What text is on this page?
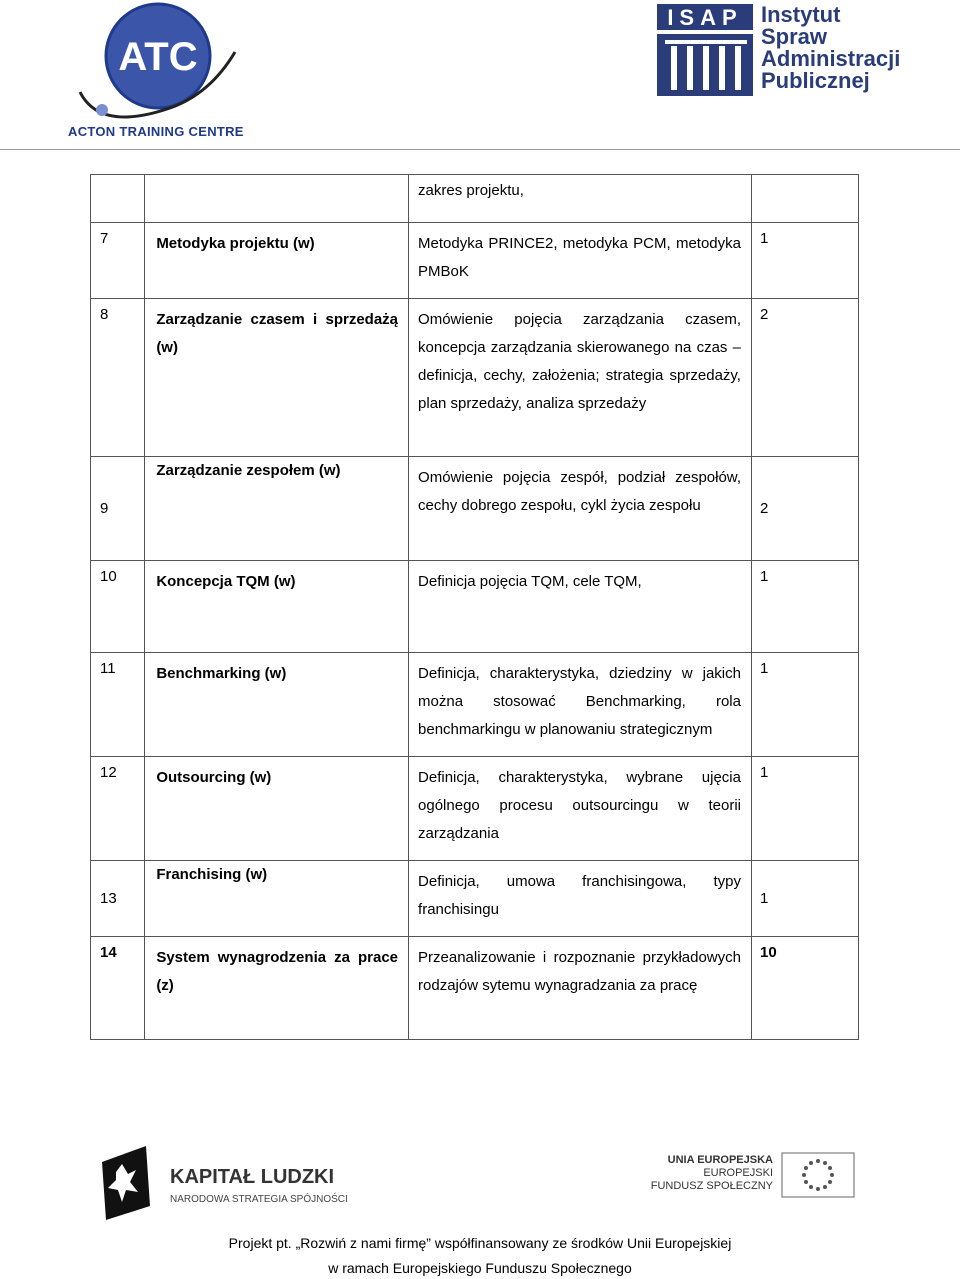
ATC
ACTON TRAINING CENTRE
ISAP Instytut
Spraw
Administracji
Publicznej
		zakres projektu,	
7	Metodyka projektu (w)	Metodyka PRINCE2, metodyka PCM, metodyka PMBoK	1
8	Zarządzanie czasem i sprzedażą (w)	Omówienie pojęcia zarządzania czasem, koncepcja zarządzania skierowanego na czas – definicja, cechy, założenia; strategia sprzedaży, plan sprzedaży, analiza sprzedaży	2
9	Zarządzanie zespołem (w)	Omówienie pojęcia zespół, podział zespołów, cechy dobrego zespołu, cykl życia zespołu	2
10	Koncepcja TQM (w)	Definicja pojęcia TQM, cele TQM,	1
11	Benchmarking (w)	Definicja, charakterystyka, dziedziny w jakich można stosować Benchmarking, rola benchmarkingu w planowaniu strategicznym	1
12	Outsourcing (w)	Definicja, charakterystyka, wybrane ujęcia ogólnego procesu outsourcingu w teorii zarządzania	1
13	Franchising (w)	Definicja, umowa franchisingowa, typy franchisingu	1
14	System wynagrodzenia za prace (z)	Przeanalizowanie i rozpoznanie przykładowych rodzajów sytemu wynagradzania za pracę	10
KAPITAŁ LUDZKI
NARODOWA STRATEGIA SPÓJNOŚCI
UNIA EUROPEJSKA
EUROPEJSKI
FUNDUSZ SPOŁECZNY
Projekt pt. „Rozwiń z nami firmę” współfinansowany ze środków Unii Europejskiej
w ramach Europejskiego Funduszu Społecznego
